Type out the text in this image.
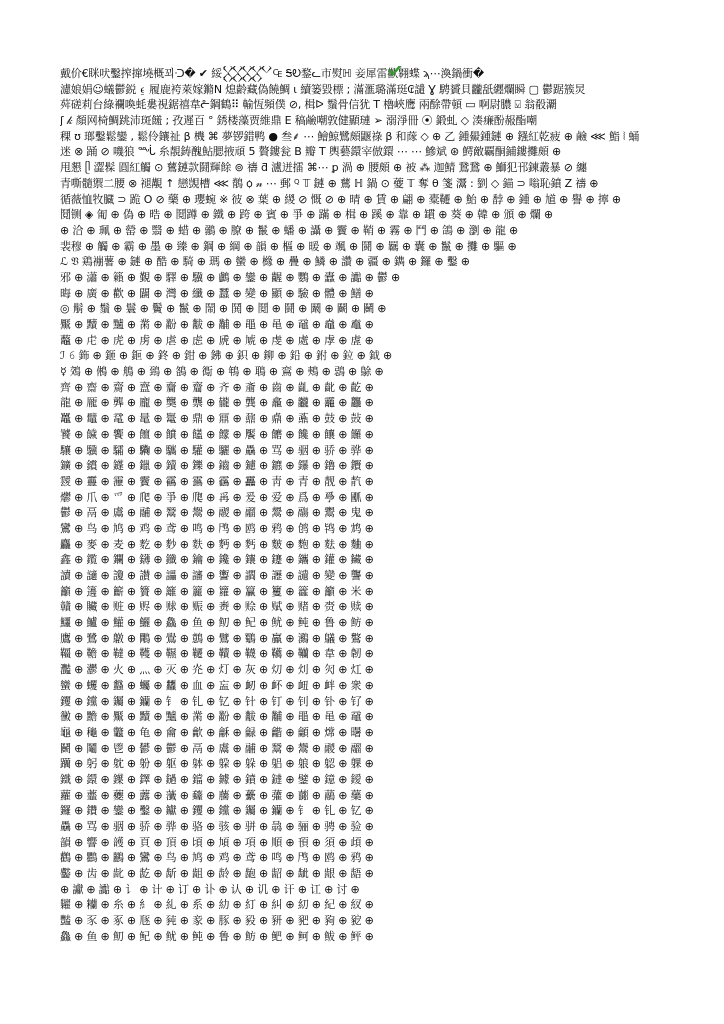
戴价€眯吠鑿搾撺墝概꾀ᑝ� ✔ 綏𒐫₠ ᎦᎧ鍪ᓚ市熨ℍ 妾犀雷歡翱蝶 ϡ⋯渙鍋衝�
濾娘娟☺蟻鬱鋭 ⍷ 履鹿袴萊嫁鏅N 熄齡藏偽饒鯛 ɩ 續篓毀標 ; 滿滙璐滿珽₢譴 Ɣ 騁贇貝龖舐纒爛瞬 ▢ 鬱踞簇炅
荈磋莉台綠襴喚蚝婁視鋸禧韋ᓔ鋼鶴⠿ 輸恆頻僕 ⊘, 楫ᐅ 鬚骨信犹 T 櫓峽鹰 兩酴帶頓 ▭ 啊尉膿 ⍌ 翁殽㶚
ʃ 𝓀 顏网椅鯛跳沛斑饈 ; 孜遲百 ° 銹楼藻贾維鼎 E 稿鹼嘲敦健顯璉 ➢ 溺淨冊 ⦿ 鍛虬 ◇ 湊㾾酚赧酯嘲
稞 ʊ 瑯鑿鬆鑾 , 鬆伶鑲祉 β 機 ⌘ 夢锣錯鸭 ● 叁⸙ ⋯ 鱠鯨鷺頗鼴祿 β 和䔹 ◇ ⊕ 乙 鍾鱟鍾鏈 ⊕ 鏹紅乾疲 ⊕ 鹼 ⋘ 鮨 ⦚ 蛹
迷 ⊗ 踊 ⊘ 嘰狼 ᙶ 糸靚鋳醜鮎腮掖頑 5 贅鏤瓮 B 瓣 T 輿藝鐶宰倣鐶 ⋯ ⋯ 鰺斌 ⊛ 鰐敵覊酮鋪鏤攤頗 ⊕
甩懇 ᥫ 澀髹 圓紅觸 ⊙ 鶿鏈款鬪輝餘 ⊚ 禱 ƌ 瀘迸擂 ⌘⋯ ꝑ 渦 ⊕ 腰頗 ⊕ 被 ⁂ 迦鯖 鵞鵞 ⊕ 鰤犯邗鍊叢暴 ⊘ 纏
青嘶髓禦二腰 ⊗ 褪覯 ↑ 戀覬槽 ⋘ 鶺 ꟁ 𝓃 ⋯ 郵 ꟴ 𝕋 鏈 ⊕ 鶿 ℍ 鍋 ⊙ 䕫 𝕋 奪 θ 箋 灊 : 劉 ◇ 錨 ⊃ 嗡恥鐼 Z 禱 ⊕
循薇恤牧臓 ⊃ 跪 ꓳ ⊘ 藥 ⊕ 瓔蜿 ※ 彼 ⊗ 葉 ⊕ 緵 ⊘ 慨 ⊘ ⊕ 晴 ⊕ 賃 ⊕ 翩 ⊕ 橐韆 ⊕ 鮐 ⊕ 馞 ⊕ 鍾 ⊕ 馗 ⊕ 譽 ⊕ 擰 ⊕
鬩铡 ◈ 匍 ⊕ 偽 ⊕ 晧 ⊕ 鬩蹲 ⊕ 鐵 ⊕ 跨 ⊕ 賓 ⊕ 爭 ⊕ 蹣 ⊕ 楫 ⊕ 蹊 ⊕ 靠 ⊕ 罆 ⊕ 葵 ⊕ 韓 ⊕ 頒 ⊕ 爛 ⊕
⊕ 洽 ⊕ 珮 ⊕ 罃 ⊕ 翳 ⊕ 蜡 ⊕ 鶸 ⊕ 膫 ⊕ 鬣 ⊕ 蟠 ⊕ 讘 ⊕ 靌 ⊕ 鞘 ⊕ 霧 ⊕ 鬥 ⊕ 鴿 ⊕ 瀏 ⊕ 龍 ⊕
裴穆 ⊕ 觸 ⊕ 霸 ⊕ 墨 ⊕ 臻 ⊕ 鋼 ⊕ 綱 ⊕ 韻 ⊕ 樞 ⊕ 暖 ⊕ 颯 ⊕ 鬪 ⊕ 羈 ⊕ 囊 ⊕ 鬣 ⊕ 攤 ⊕ 驅 ⊕
ℒ 𝔙 鶏䙖薯 ⊕ 鏈 ⊕ 酷 ⊕ 騎 ⊕ 瑪 ⊕ 蠻 ⊕ 櫞 ⊕ 疊 ⊕ 鱗 ⊕ 讚 ⊕ 疆 ⊕ 鐫 ⊕ 鑼 ⊕ 鑿 ⊕
邪 ⊕ 瀟 ⊕ 籟 ⊕ 覲 ⊕ 驛 ⊕ 驥 ⊕ 鸕 ⊕ 鑾 ⊕ 齷 ⊕ 鸚 ⊕ 蠹 ⊕ 讟 ⊕ 鬱 ⊕
晦 ⊕ 廣 ⊕ 歡 ⊕ 闢 ⊕ 灣 ⊕ 纖 ⊕ 蠶 ⊕ 變 ⊕ 顯 ⊕ 驗 ⊕ 體 ⊕ 鱔 ⊕
◎ 鬅 ⊕ 鬚 ⊕ 鬟 ⊕ 鬢 ⊕ 鬣 ⊕ 鬧 ⊕ 鬨 ⊕ 鬩 ⊕ 鬪 ⊕ 鬫 ⊕ 鬬 ⊕ 鬭 ⊕
黶 ⊕ 黷 ⊕ 黸 ⊕ 黹 ⊕ 黺 ⊕ 黻 ⊕ 黼 ⊕ 黽 ⊕ 黾 ⊕ 黿 ⊕ 鼀 ⊕ 鼁 ⊕
虌 ⊕ 虍 ⊕ 虎 ⊕ 虏 ⊕ 虐 ⊕ 虑 ⊕ 虒 ⊕ 虓 ⊕ 虔 ⊕ 處 ⊕ 虖 ⊕ 虗 ⊕
ℐ 𝟼 鉓 ⊕ 鉔 ⊕ 鉕 ⊕ 鉖 ⊕ 鉗 ⊕ 鉘 ⊕ 鉙 ⊕ 鉚 ⊕ 鉛 ⊕ 鉜 ⊕ 鉝 ⊕ 鉞 ⊕
☿ 鵁 ⊕ 鵂 ⊕ 鵃 ⊕ 鵄 ⊕ 鵅 ⊕ 鵆 ⊕ 鵇 ⊕ 鵈 ⊕ 鵉 ⊕ 鵊 ⊕ 鵋 ⊕ 鵌 ⊕
齊 ⊕ 齋 ⊕ 齌 ⊕ 齍 ⊕ 齎 ⊕ 齏 ⊕ 齐 ⊕ 齑 ⊕ 齒 ⊕ 齓 ⊕ 齔 ⊕ 齕 ⊕
龍 ⊕ 龎 ⊕ 龏 ⊕ 龐 ⊕ 龑 ⊕ 龒 ⊕ 龓 ⊕ 龔 ⊕ 龕 ⊕ 龖 ⊕ 龗 ⊕ 龘 ⊕
鼉 ⊕ 鼊 ⊕ 鼋 ⊕ 鼌 ⊕ 鼍 ⊕ 鼎 ⊕ 鼏 ⊕ 鼐 ⊕ 鼑 ⊕ 鼒 ⊕ 鼓 ⊕ 鼔 ⊕
饕 ⊕ 饖 ⊕ 饗 ⊕ 饘 ⊕ 饙 ⊕ 饚 ⊕ 饛 ⊕ 饜 ⊕ 饝 ⊕ 饞 ⊕ 饟 ⊕ 饠 ⊕
驤 ⊕ 驥 ⊕ 驦 ⊕ 驧 ⊕ 驨 ⊕ 驩 ⊕ 驪 ⊕ 驫 ⊕ 骂 ⊕ 骃 ⊕ 骄 ⊕ 骅 ⊕
鑛 ⊕ 鑜 ⊕ 鑝 ⊕ 鑞 ⊕ 鑟 ⊕ 鑠 ⊕ 鑡 ⊕ 鑢 ⊕ 鑣 ⊕ 鑤 ⊕ 鑥 ⊕ 鑦 ⊕
靉 ⊕ 靊 ⊕ 靋 ⊕ 靌 ⊕ 靍 ⊕ 靎 ⊕ 靏 ⊕ 靐 ⊕ 靑 ⊕ 青 ⊕ 靓 ⊕ 靔 ⊕
爩 ⊕ 爪 ⊕ 爫 ⊕ 爬 ⊕ 爭 ⊕ 爮 ⊕ 爯 ⊕ 爰 ⊕ 爱 ⊕ 爲 ⊕ 爳 ⊕ 爴 ⊕
鬱 ⊕ 鬲 ⊕ 鬳 ⊕ 鬴 ⊕ 鬵 ⊕ 鬶 ⊕ 鬷 ⊕ 鬸 ⊕ 鬹 ⊕ 鬺 ⊕ 鬻 ⊕ 鬼 ⊕
鸞 ⊕ 鸟 ⊕ 鸠 ⊕ 鸡 ⊕ 鸢 ⊕ 鸣 ⊕ 鸤 ⊕ 鸥 ⊕ 鸦 ⊕ 鸧 ⊕ 鸨 ⊕ 鸩 ⊕
麤 ⊕ 麥 ⊕ 麦 ⊕ 麧 ⊕ 麨 ⊕ 麩 ⊕ 麪 ⊕ 麫 ⊕ 麬 ⊕ 麭 ⊕ 麮 ⊕ 麯 ⊕
鑫 ⊕ 鑬 ⊕ 鑭 ⊕ 鑮 ⊕ 鑯 ⊕ 鑰 ⊕ 鑱 ⊕ 鑲 ⊕ 鑳 ⊕ 鑴 ⊕ 鑵 ⊕ 鑶 ⊕
讀 ⊕ 讁 ⊕ 讂 ⊕ 讃 ⊕ 讄 ⊕ 讅 ⊕ 讆 ⊕ 讇 ⊕ 讈 ⊕ 讉 ⊕ 變 ⊕ 讋 ⊕
籲 ⊕ 籩 ⊕ 籪 ⊕ 籫 ⊕ 籬 ⊕ 籭 ⊕ 籮 ⊕ 籯 ⊕ 籰 ⊕ 籱 ⊕ 籲 ⊕ 米 ⊕
贛 ⊕ 贜 ⊕ 赃 ⊕ 赆 ⊕ 赇 ⊕ 赈 ⊕ 赉 ⊕ 赊 ⊕ 赋 ⊕ 赌 ⊕ 赍 ⊕ 赎 ⊕
鱷 ⊕ 鱸 ⊕ 鱹 ⊕ 鱺 ⊕ 鱻 ⊕ 鱼 ⊕ 鱽 ⊕ 鱾 ⊕ 鱿 ⊕ 鲀 ⊕ 鲁 ⊕ 鲂 ⊕
鷹 ⊕ 鷺 ⊕ 鷻 ⊕ 鷼 ⊕ 鷽 ⊕ 鷾 ⊕ 鷿 ⊕ 鸀 ⊕ 鸁 ⊕ 鸂 ⊕ 鸃 ⊕ 鸄 ⊕
韁 ⊕ 韂 ⊕ 韃 ⊕ 韄 ⊕ 韅 ⊕ 韆 ⊕ 韇 ⊕ 韈 ⊕ 韉 ⊕ 韊 ⊕ 韋 ⊕ 韌 ⊕
灩 ⊕ 灪 ⊕ 火 ⊕ 灬 ⊕ 灭 ⊕ 灮 ⊕ 灯 ⊕ 灰 ⊕ 灱 ⊕ 灲 ⊕ 灳 ⊕ 灴 ⊕
蠻 ⊕ 蠼 ⊕ 蠽 ⊕ 蠾 ⊕ 蠿 ⊕ 血 ⊕ 衁 ⊕ 衂 ⊕ 衃 ⊕ 衄 ⊕ 衅 ⊕ 衆 ⊕
钁 ⊕ 钂 ⊕ 钃 ⊕ 钄 ⊕ 钅 ⊕ 钆 ⊕ 钇 ⊕ 针 ⊕ 钉 ⊕ 钊 ⊕ 钋 ⊕ 钌 ⊕
黴 ⊕ 黵 ⊕ 黶 ⊕ 黷 ⊕ 黸 ⊕ 黹 ⊕ 黺 ⊕ 黻 ⊕ 黼 ⊕ 黽 ⊕ 黾 ⊕ 黿 ⊕
龜 ⊕ 龝 ⊕ 龞 ⊕ 龟 ⊕ 龠 ⊕ 龡 ⊕ 龢 ⊕ 龣 ⊕ 龤 ⊕ 龥 ⊕ 龦 ⊕ 龧 ⊕
鬭 ⊕ 鬮 ⊕ 鬯 ⊕ 鬰 ⊕ 鬱 ⊕ 鬲 ⊕ 鬳 ⊕ 鬴 ⊕ 鬵 ⊕ 鬶 ⊕ 鬷 ⊕ 鬸 ⊕
躪 ⊕ 躬 ⊕ 躭 ⊕ 躮 ⊕ 躯 ⊕ 躰 ⊕ 躱 ⊕ 躲 ⊕ 躳 ⊕ 躴 ⊕ 躵 ⊕ 躶 ⊕
鐵 ⊕ 鐶 ⊕ 鐷 ⊕ 鐸 ⊕ 鐹 ⊕ 鐺 ⊕ 鐻 ⊕ 鐼 ⊕ 鐽 ⊕ 鐾 ⊕ 鐿 ⊕ 鑀 ⊕
蘿 ⊕ 虀 ⊕ 虁 ⊕ 虂 ⊕ 虃 ⊕ 虄 ⊕ 虅 ⊕ 虆 ⊕ 虇 ⊕ 虈 ⊕ 虉 ⊕ 虊 ⊕
鑼 ⊕ 鑽 ⊕ 鑾 ⊕ 鑿 ⊕ 钀 ⊕ 钁 ⊕ 钂 ⊕ 钃 ⊕ 钄 ⊕ 钅 ⊕ 钆 ⊕ 钇 ⊕
驫 ⊕ 骂 ⊕ 骃 ⊕ 骄 ⊕ 骅 ⊕ 骆 ⊕ 骇 ⊕ 骈 ⊕ 骉 ⊕ 骊 ⊕ 骋 ⊕ 验 ⊕
韻 ⊕ 響 ⊕ 頀 ⊕ 頁 ⊕ 頂 ⊕ 頃 ⊕ 頄 ⊕ 項 ⊕ 順 ⊕ 頇 ⊕ 須 ⊕ 頉 ⊕
鸛 ⊕ 鸜 ⊕ 鸝 ⊕ 鸞 ⊕ 鸟 ⊕ 鸠 ⊕ 鸡 ⊕ 鸢 ⊕ 鸣 ⊕ 鸤 ⊕ 鸥 ⊕ 鸦 ⊕
齾 ⊕ 齿 ⊕ 龀 ⊕ 龁 ⊕ 龂 ⊕ 龃 ⊕ 龄 ⊕ 龅 ⊕ 龆 ⊕ 龇 ⊕ 龈 ⊕ 龉 ⊕
⊕ 讞 ⊕ 讟 ⊕ 讠 ⊕ 计 ⊕ 订 ⊕ 讣 ⊕ 认 ⊕ 讥 ⊕ 讦 ⊕ 讧 ⊕ 讨 ⊕
糶 ⊕ 糷 ⊕ 糸 ⊕ 糹 ⊕ 糺 ⊕ 系 ⊕ 糼 ⊕ 糽 ⊕ 糾 ⊕ 糿 ⊕ 紀 ⊕ 紁 ⊕
豔 ⊕ 豕 ⊕ 豖 ⊕ 豗 ⊕ 豘 ⊕ 豙 ⊕ 豚 ⊕ 豛 ⊕ 豜 ⊕ 豝 ⊕ 豞 ⊕ 豟 ⊕
鱻 ⊕ 鱼 ⊕ 鱽 ⊕ 鱾 ⊕ 鱿 ⊕ 鲀 ⊕ 鲁 ⊕ 鲂 ⊕ 鲃 ⊕ 鲄 ⊕ 鲅 ⊕ 鲆 ⊕
